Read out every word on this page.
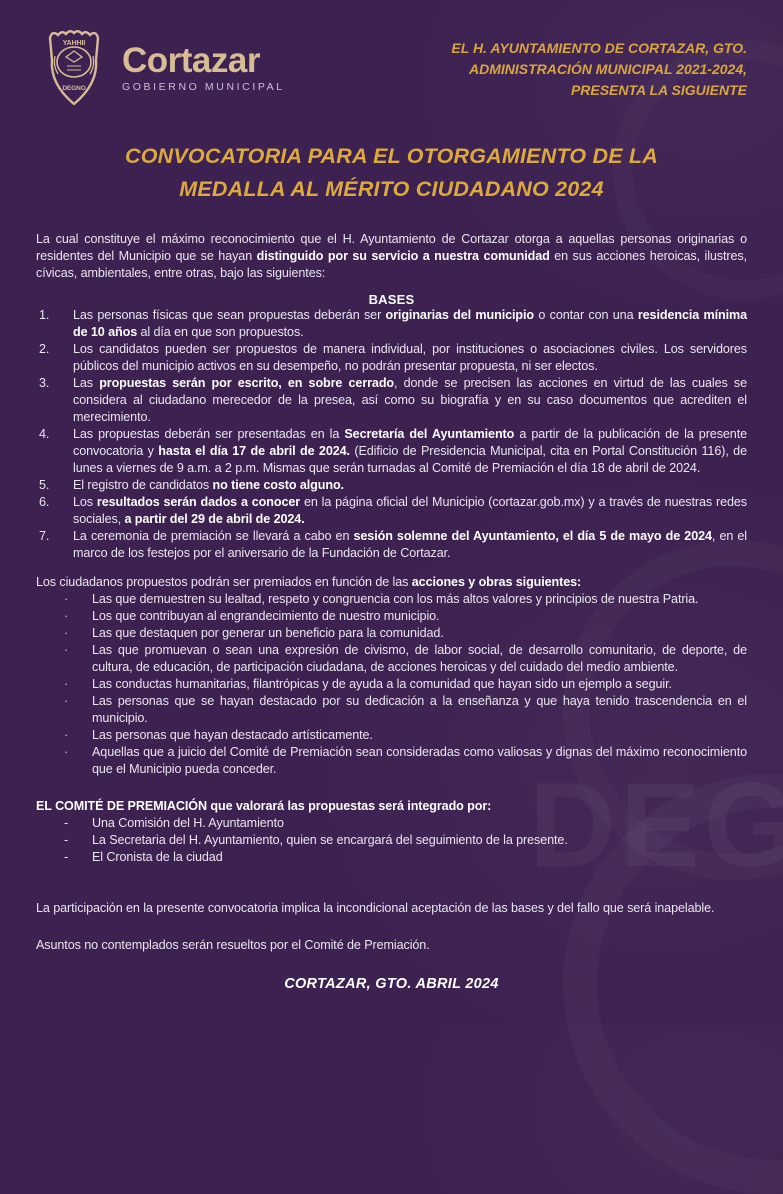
YAHHII
DEGNO
Cortazar
GOBIERNO MUNICIPAL
EL H. AYUNTAMIENTO DE CORTAZAR, GTO.
ADMINISTRACIÓN MUNICIPAL 2021-2024,
PRESENTA LA SIGUIENTE
CONVOCATORIA PARA EL OTORGAMIENTO DE LA
MEDALLA AL MÉRITO CIUDADANO 2024

La cual constituye el máximo reconocimiento que el H. Ayuntamiento de Cortazar otorga a aquellas personas originarias o residentes del Municipio que se hayan distinguido por su servicio a nuestra comunidad en sus acciones heroicas, ilustres, cívicas, ambientales, entre otras, bajo las siguientes:

BASES
1.	Las personas físicas que sean propuestas deberán ser originarias del municipio o contar con una residencia mínima de 10 años al día en que son propuestos.
2.	Los candidatos pueden ser propuestos de manera individual, por instituciones o asociaciones civiles. Los servidores públicos del municipio activos en su desempeño, no podrán presentar propuesta, ni ser electos.
3.	Las propuestas serán por escrito, en sobre cerrado, donde se precisen las acciones en virtud de las cuales se considera al ciudadano merecedor de la presea, así como su biografía y en su caso documentos que acrediten el merecimiento.
4.	Las propuestas deberán ser presentadas en la Secretaría del Ayuntamiento a partir de la publicación de la presente convocatoria y hasta el día 17 de abril de 2024. (Edificio de Presidencia Municipal, cita en Portal Constitución 116), de lunes a viernes de 9 a.m. a 2 p.m. Mismas que serán turnadas al Comité de Premiación el día 18 de abril de 2024.
5.	El registro de candidatos no tiene costo alguno.
6.	Los resultados serán dados a conocer en la página oficial del Municipio (cortazar.gob.mx) y a través de nuestras redes sociales, a partir del 29 de abril de 2024.
7.	La ceremonia de premiación se llevará a cabo en sesión solemne del Ayuntamiento, el día 5 de mayo de 2024, en el marco de los festejos por el aniversario de la Fundación de Cortazar.

Los ciudadanos propuestos podrán ser premiados en función de las acciones y obras siguientes:

·	Las que demuestren su lealtad, respeto y congruencia con los más altos valores y principios de nuestra Patria.
·	Los que contribuyan al engrandecimiento de nuestro municipio.
·	Las que destaquen por generar un beneficio para la comunidad.
·	Las que promuevan o sean una expresión de civismo, de labor social, de desarrollo comunitario, de deporte, de cultura, de educación, de participación ciudadana, de acciones heroicas y del cuidado del medio ambiente.
·	Las conductas humanitarias, filantrópicas y de ayuda a la comunidad que hayan sido un ejemplo a seguir.
·	Las personas que se hayan destacado por su dedicación a la enseñanza y que haya tenido trascendencia en el municipio.
·	Las personas que hayan destacado artísticamente.
·	Aquellas que a juicio del Comité de Premiación sean consideradas como valiosas y dignas del máximo reconocimiento que el Municipio pueda conceder.

EL COMITÉ DE PREMIACIÓN que valorará las propuestas será integrado por:

-	Una Comisión del H. Ayuntamiento
-	La Secretaria del H. Ayuntamiento, quien se encargará del seguimiento de la presente.
-	El Cronista de la ciudad

La participación en la presente convocatoria implica la incondicional aceptación de las bases y del fallo que será inapelable.

Asuntos no contemplados serán resueltos por el Comité de Premiación.

CORTAZAR, GTO. ABRIL 2024
